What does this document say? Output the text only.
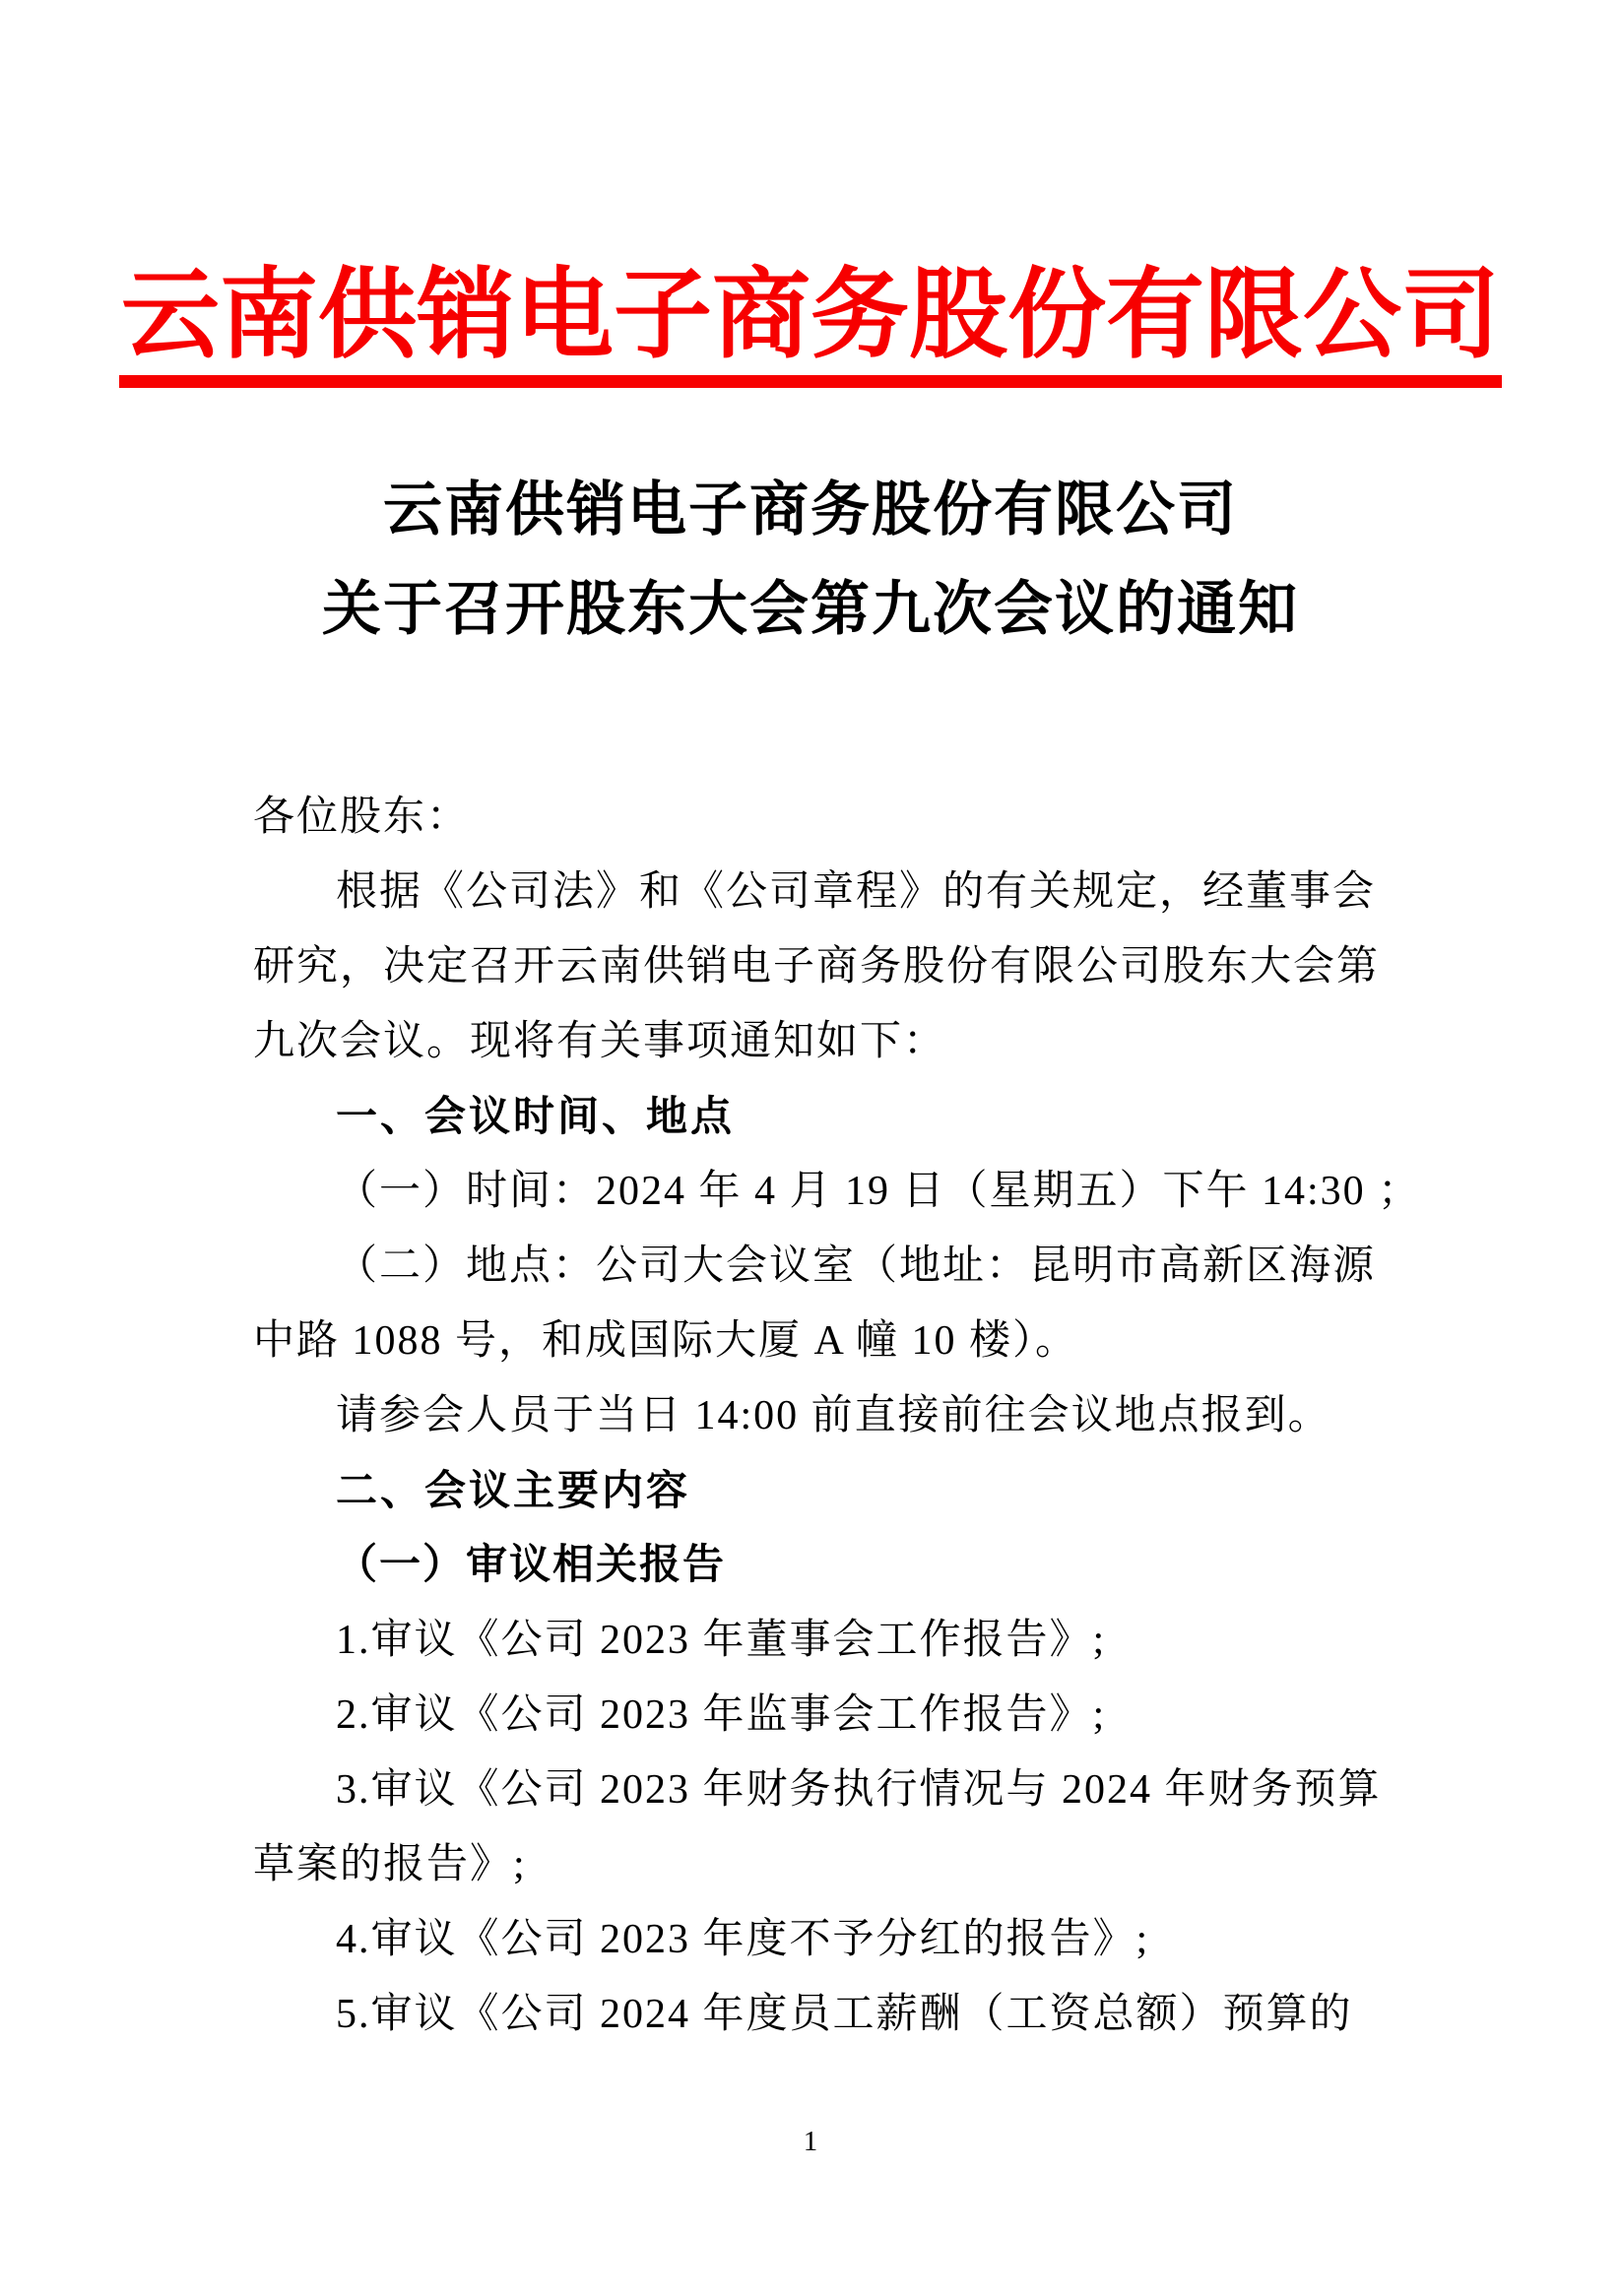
云南供销电子商务股份有限公司
云南供销电子商务股份有限公司
关于召开股东大会第九次会议的通知
各位股东：
根据《公司法》和《公司章程》的有关规定，经董事会
研究，决定召开云南供销电子商务股份有限公司股东大会第
九次会议。现将有关事项通知如下：
一、会议时间、地点
（一）时间：2024 年 4 月 19 日（星期五）下午 14:30 ；
（二）地点：公司大会议室（地址：昆明市高新区海源
中路 1088 号，和成国际大厦 A 幢 10 楼）。
请参会人员于当日 14:00 前直接前往会议地点报到。
二、会议主要内容
（一）审议相关报告
1.审议《公司 2023 年董事会工作报告》;
2.审议《公司 2023 年监事会工作报告》;
3.审议《公司 2023 年财务执行情况与 2024 年财务预算
草案的报告》;
4.审议《公司 2023 年度不予分红的报告》;
5.审议《公司 2024 年度员工薪酬（工资总额）预算的
1
